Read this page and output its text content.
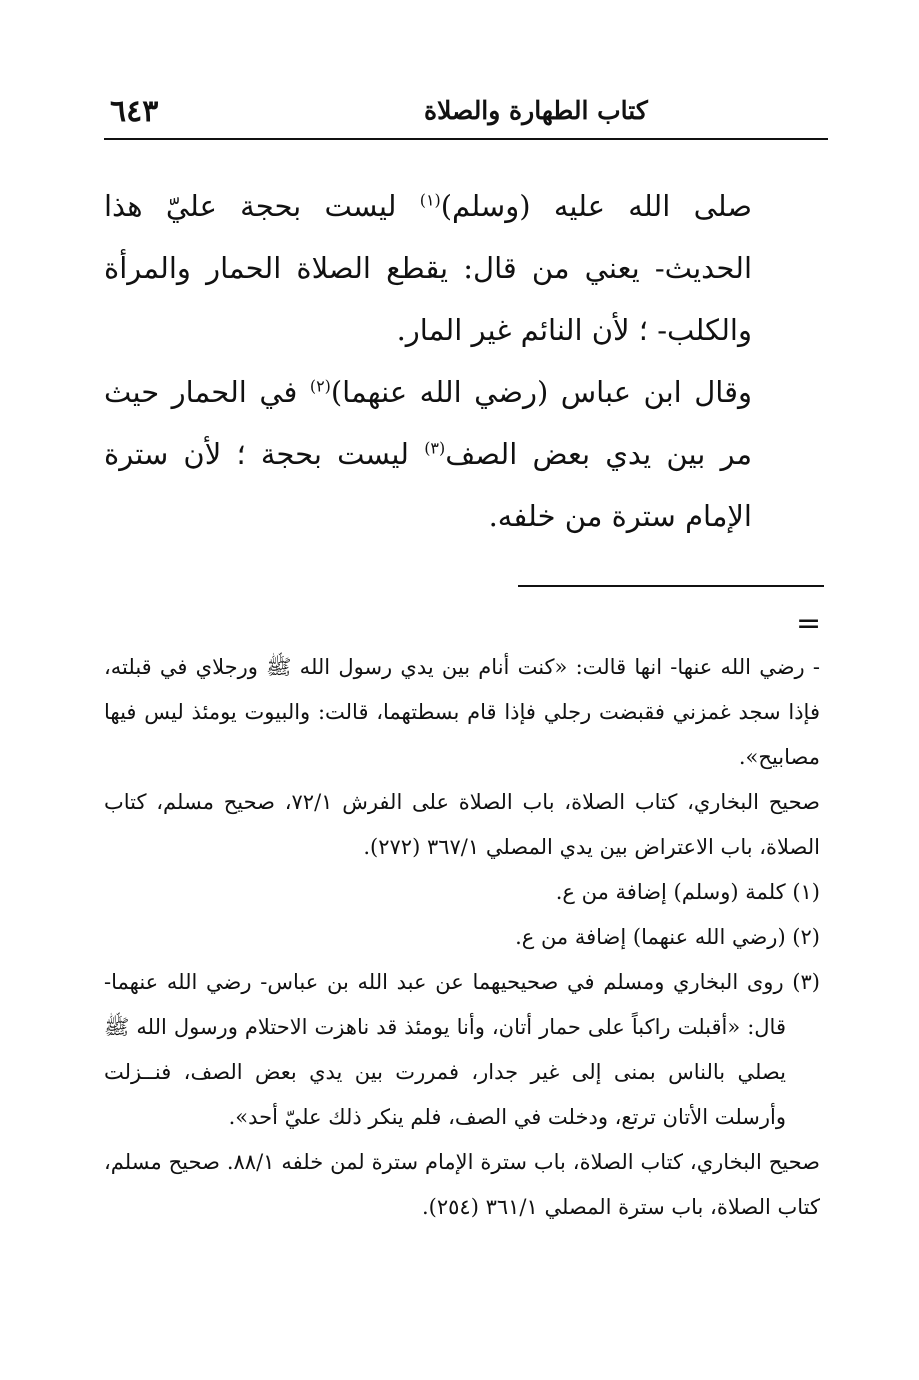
٦٤٣	كتاب الطهارة والصلاة

صلى الله عليه (وسلم)$^{(١)}$ ليست بحجة عليّ هذا الحديث- يعني من قال: يقطع الصلاة الحمار والمرأة والكلب- ؛ لأن النائم غير المار.

وقال ابن عباس (رضي الله عنهما)$^{(٢)}$ في الحمار حيث مر بين يدي بعض الصف$^{(٣)}$ ليست بحجة ؛ لأن سترة الإمام سترة من خلفه.

=

- رضي الله عنها- انها قالت: «كنت أنام بين يدي رسول الله ﷺ ورجلاي في قبلته، فإذا سجد غمزني فقبضت رجلي فإذا قام بسطتهما، قالت: والبيوت يومئذ ليس فيها مصابيح».

صحيح البخاري، كتاب الصلاة، باب الصلاة على الفرش ٧٢/١، صحيح مسلم، كتاب الصلاة، باب الاعتراض بين يدي المصلي ٣٦٧/١ (٢٧٢).

(١) كلمة (وسلم) إضافة من ع.

(٢) (رضي الله عنهما) إضافة من ع.

(٣) روى البخاري ومسلم في صحيحيهما عن عبد الله بن عباس- رضي الله عنهما- قال: «أقبلت راكباً على حمار أتان، وأنا يومئذ قد ناهزت الاحتلام ورسول الله ﷺ يصلي بالناس بمنى إلى غير جدار، فمررت بين يدي بعض الصف، فنــزلت وأرسلت الأتان ترتع، ودخلت في الصف، فلم ينكر ذلك عليّ أحد».

صحيح البخاري، كتاب الصلاة، باب سترة الإمام سترة لمن خلفه ٨٨/١. صحيح مسلم، كتاب الصلاة، باب سترة المصلي ٣٦١/١ (٢٥٤).
